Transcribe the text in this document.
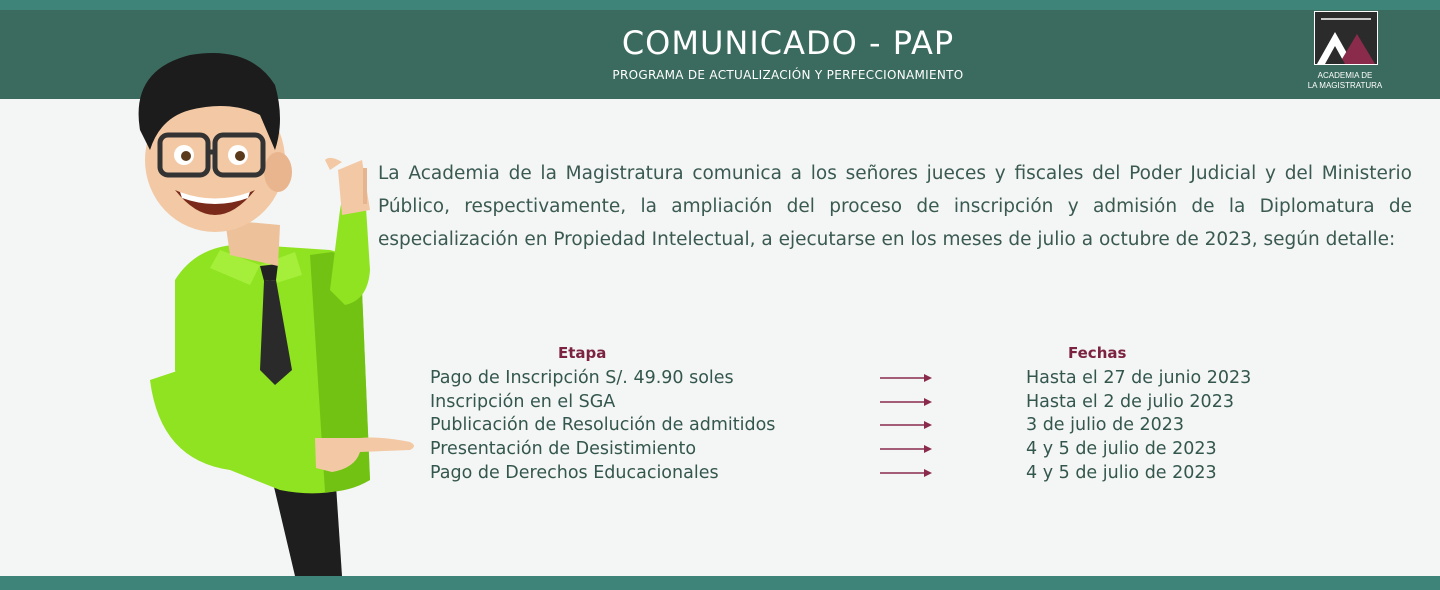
COMUNICADO - PAP
PROGRAMA DE ACTUALIZACIÓN Y PERFECCIONAMIENTO	ACADEMIA DE
LA MAGISTRATURA
La Academia de la Magistratura comunica a los señores jueces y fiscales del Poder Judicial y del Ministerio Público, respectivamente, la ampliación del proceso de inscripción y admisión de la Diplomatura de especialización en Propiedad Intelectual, a ejecutarse en los meses de julio a octubre de 2023, según detalle:
Etapa	Fechas
Pago de Inscripción S/. 49.90 soles	Hasta el 27 de junio 2023
Inscripción en el SGA	Hasta el 2 de julio 2023
Publicación de Resolución de admitidos	3 de julio de 2023
Presentación de Desistimiento	4 y 5 de julio de 2023
Pago de Derechos Educacionales	4 y 5 de julio de 2023
